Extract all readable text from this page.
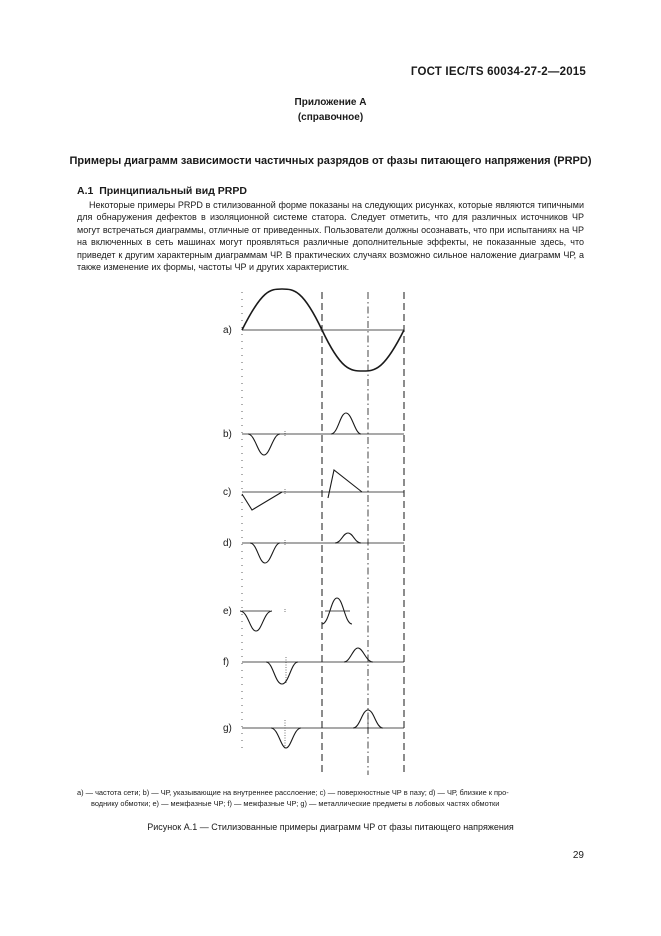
ГОСТ IEC/TS 60034-27-2—2015
Приложение А
(справочное)
Примеры диаграмм зависимости частичных разрядов от фазы питающего напряжения (PRPD)
А.1 Принципиальный вид PRPD

Некоторые примеры PRPD в стилизованной форме показаны на следующих рисунках, которые являются типичными для обнаружения дефектов в изоляционной системе статора. Следует отметить, что для различных источников ЧР могут встречаться диаграммы, отличные от приведенных. Пользователи должны осознавать, что при испытаниях на ЧР на включенных в сеть машинах могут проявляться различные дополнительные эффекты, не показанные здесь, что приведет к другим характерным диаграммам ЧР. В практических случаях возможно сильное наложение диаграмм ЧР, а также изменение их формы, частоты ЧР и других характеристик.

a)
b)
c)
d)
e)
f)
g)

а) — частота сети; b) — ЧР, указывающие на внутреннее расслоение; с) — поверхностные ЧР в пазу; d) — ЧР, близкие к про-
воднику обмотки; е) — межфазные ЧР; f) — межфазные ЧР; g) — металлические предметы в лобовых частях обмотки

Рисунок А.1 — Стилизованные примеры диаграмм ЧР от фазы питающего напряжения
29
